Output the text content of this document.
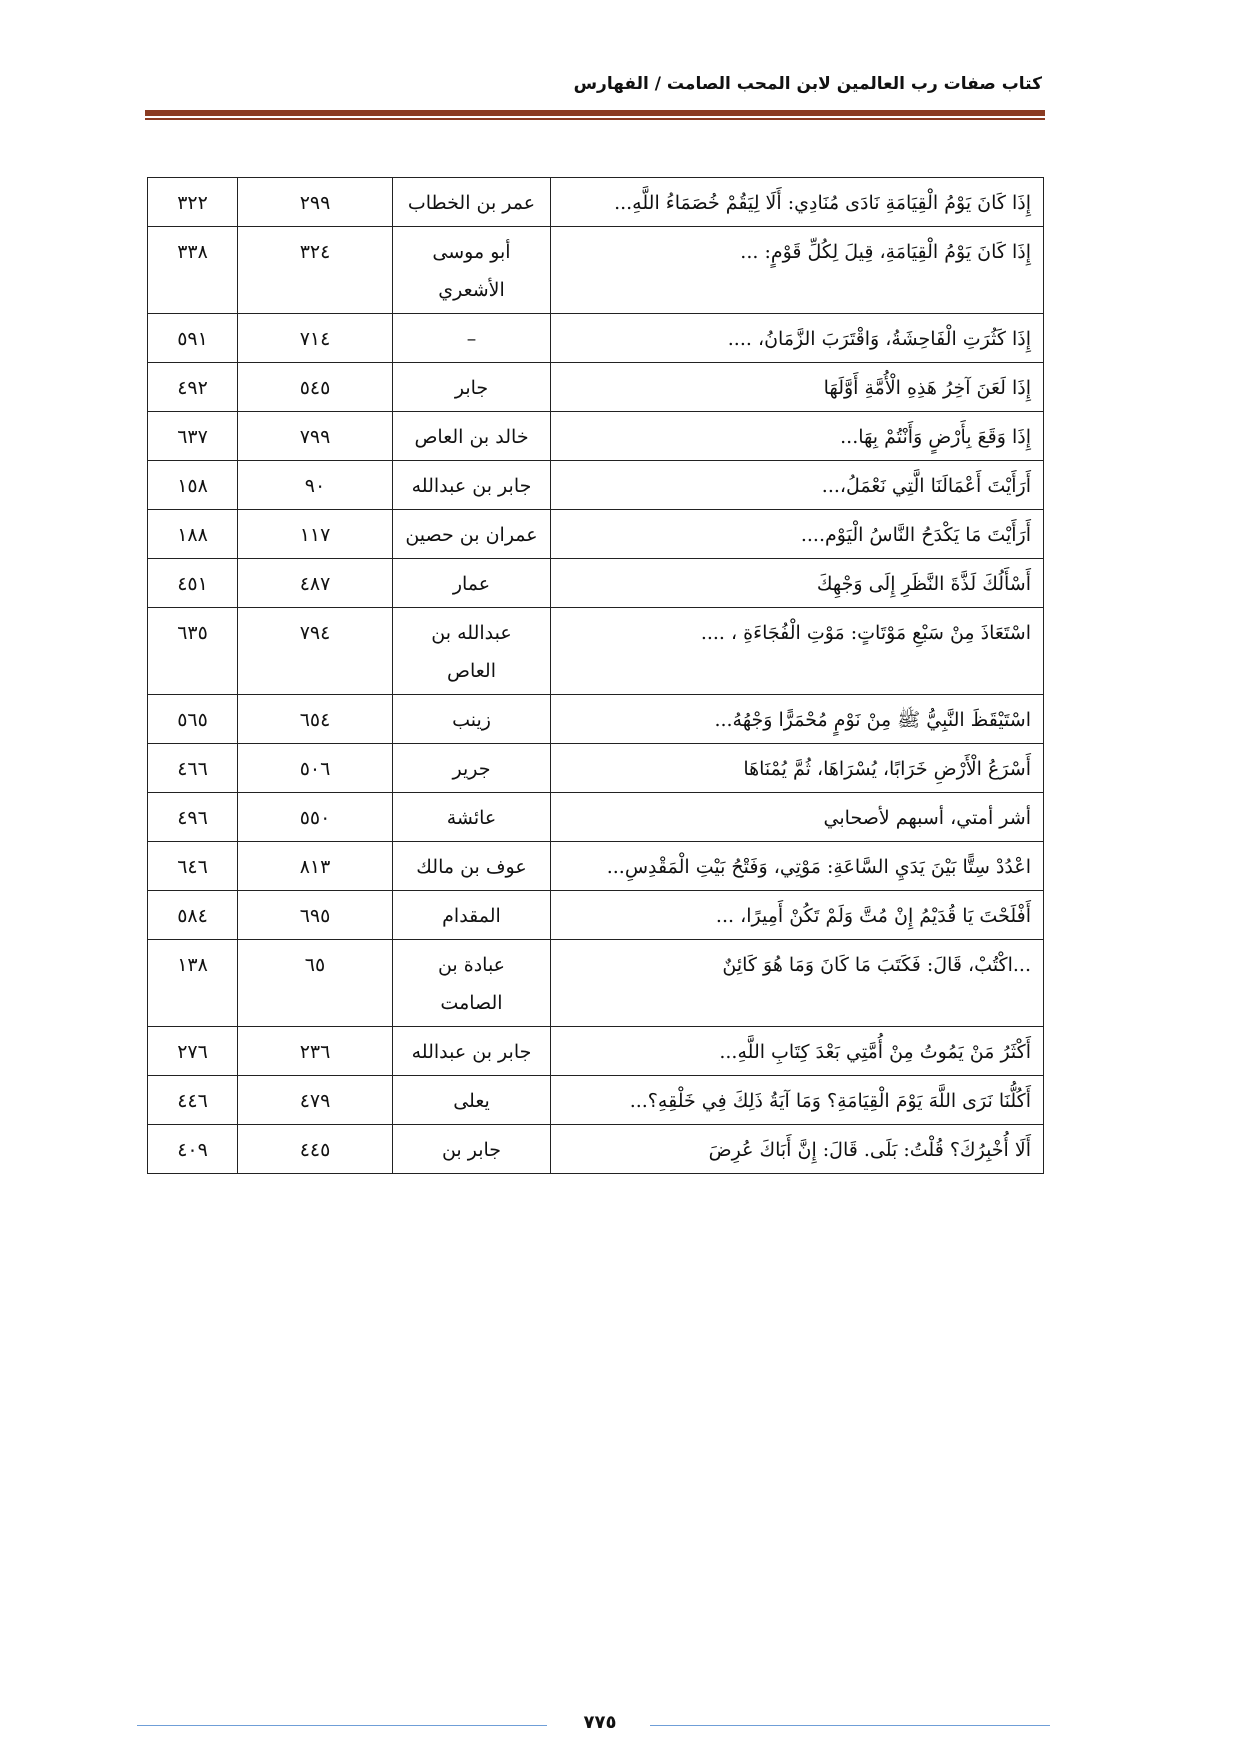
كتاب صفات رب العالمين لابن المحب الصامت / الفهارس
إِذَا كَانَ يَوْمُ الْقِيَامَةِ نَادَى مُنَادِي: أَلَا لِيَقُمْ خُصَمَاءُ اللَّهِ...	عمر بن الخطاب	٢٩٩	٣٢٢
إِذَا كَانَ يَوْمُ الْقِيَامَةِ، قِيلَ لِكُلِّ قَوْمٍ: ...	أبو موسى الأشعري	٣٢٤	٣٣٨
إِذَا كَثُرَتِ الْفَاحِشَةُ، وَاقْتَرَبَ الزَّمَانُ، ....	–	٧١٤	٥٩١
إِذَا لَعَنَ آخِرُ هَذِهِ الْأُمَّةِ أَوَّلَهَا	جابر	٥٤٥	٤٩٢
إِذَا وَقَعَ بِأَرْضٍ وَأَنْتُمْ بِهَا...	خالد بن العاص	٧٩٩	٦٣٧
أَرَأَيْتَ أَعْمَالَنَا الَّتِي نَعْمَلُ،...	جابر بن عبدالله	٩٠	١٥٨
أَرَأَيْتَ مَا يَكْدَحُ النَّاسُ الْيَوْم....	عمران بن حصين	١١٧	١٨٨
أَسْأَلُكَ لَذَّةَ النَّظَرِ إِلَى وَجْهِكَ	عمار	٤٨٧	٤٥١
اسْتَعَاذَ مِنْ سَبْعِ مَوْتَاتٍ: مَوْتِ الْفُجَاءَةِ ، ....	عبدالله بن العاص	٧٩٤	٦٣٥
اسْتَيْقَظَ النَّبِيُّ ﷺ مِنْ نَوْمٍ مُحْمَرًّا وَجْهُهُ...	زينب	٦٥٤	٥٦٥
أَسْرَعُ الْأَرْضِ خَرَابًا، يُسْرَاهَا، ثُمَّ يُمْنَاهَا	جرير	٥٠٦	٤٦٦
أشر أمتي، أسبهم لأصحابي	عائشة	٥٥٠	٤٩٦
اعْدُدْ سِتًّا بَيْنَ يَدَيِ السَّاعَةِ: مَوْتِي، وَفَتْحُ بَيْتِ الْمَقْدِسِ...	عوف بن مالك	٨١٣	٦٤٦
أَفْلَحْتَ يَا قُدَيْمُ إِنْ مُتَّ وَلَمْ تَكُنْ أَمِيرًا، ...	المقدام	٦٩٥	٥٨٤
...اكْتُبْ، قَالَ: فَكَتَبَ مَا كَانَ وَمَا هُوَ كَائِنٌ	عبادة بن الصامت	٦٥	١٣٨
أَكْثَرُ مَنْ يَمُوتُ مِنْ أُمَّتِي بَعْدَ كِتَابِ اللَّهِ...	جابر بن عبدالله	٢٣٦	٢٧٦
أَكُلُّنَا نَرَى اللَّهَ يَوْمَ الْقِيَامَةِ؟ وَمَا آيَةُ ذَلِكَ فِي خَلْقِهِ؟...	يعلى	٤٧٩	٤٤٦
أَلَا أُخْبِرُكَ؟ قُلْتُ: بَلَى. قَالَ: إِنَّ أَبَاكَ عُرِضَ	جابر بن	٤٤٥	٤٠٩
٧٧٥
